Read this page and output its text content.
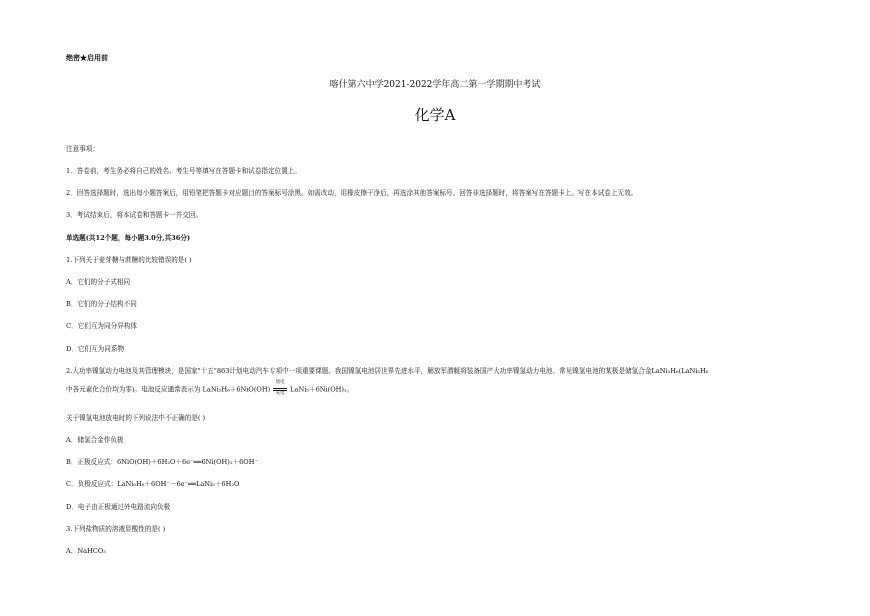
绝密★启用前
喀什第六中学2021-2022学年高二第一学期期中考试
化学A
注意事项：
1．答卷前，考生务必将自己的姓名、考生号等填写在答题卡和试卷指定位置上。
2．回答选择题时，选出每小题答案后，用铅笔把答题卡对应题目的答案标号涂黑。如需改动，用橡皮擦干净后，再选涂其他答案标号。回答非选择题时，将答案写在答题卡上。写在本试卷上无效。
3．考试结束后，将本试卷和答题卡一并交回。
单选题(共12个题，每小题3.0分,共36分)
1.下列关于麦芽糖与蔗糖的比较错误的是( )
A．它们的分子式相同
B．它们的分子结构不同
C．它们互为同分异构体
D．它们互为同系物
2.大功率镍氢动力电池及其管理模块，是国家"十五"863计划电动汽车专项中一项重要课题。我国镍氢电池居世界先进水平，解放军潜艇将装备国产大功率镍氢动力电池。常见镍氢电池的某极是储氢合金LaNi₅H₆(LaNi₅H₆
中各元素化合价均为零)。电池反应通常表示为 LaNi₅H₆＋6NiO(OH)
放电
充电 LaNi₅＋6Ni(OH)₂。
关于镍氢电池放电时的下列说法中不正确的是( )
A．储氢合金作负极
B．正极反应式：6NiO(OH)＋6H₂O＋6e⁻══6Ni(OH)₂＋6OH⁻
C．负极反应式：LaNi₅H₆＋6OH⁻－6e⁻══LaNi₅＋6H₂O
D．电子由正极通过外电路流向负极
3.下列盐物质的溶液显酸性的是( )
A．NaHCO₃
